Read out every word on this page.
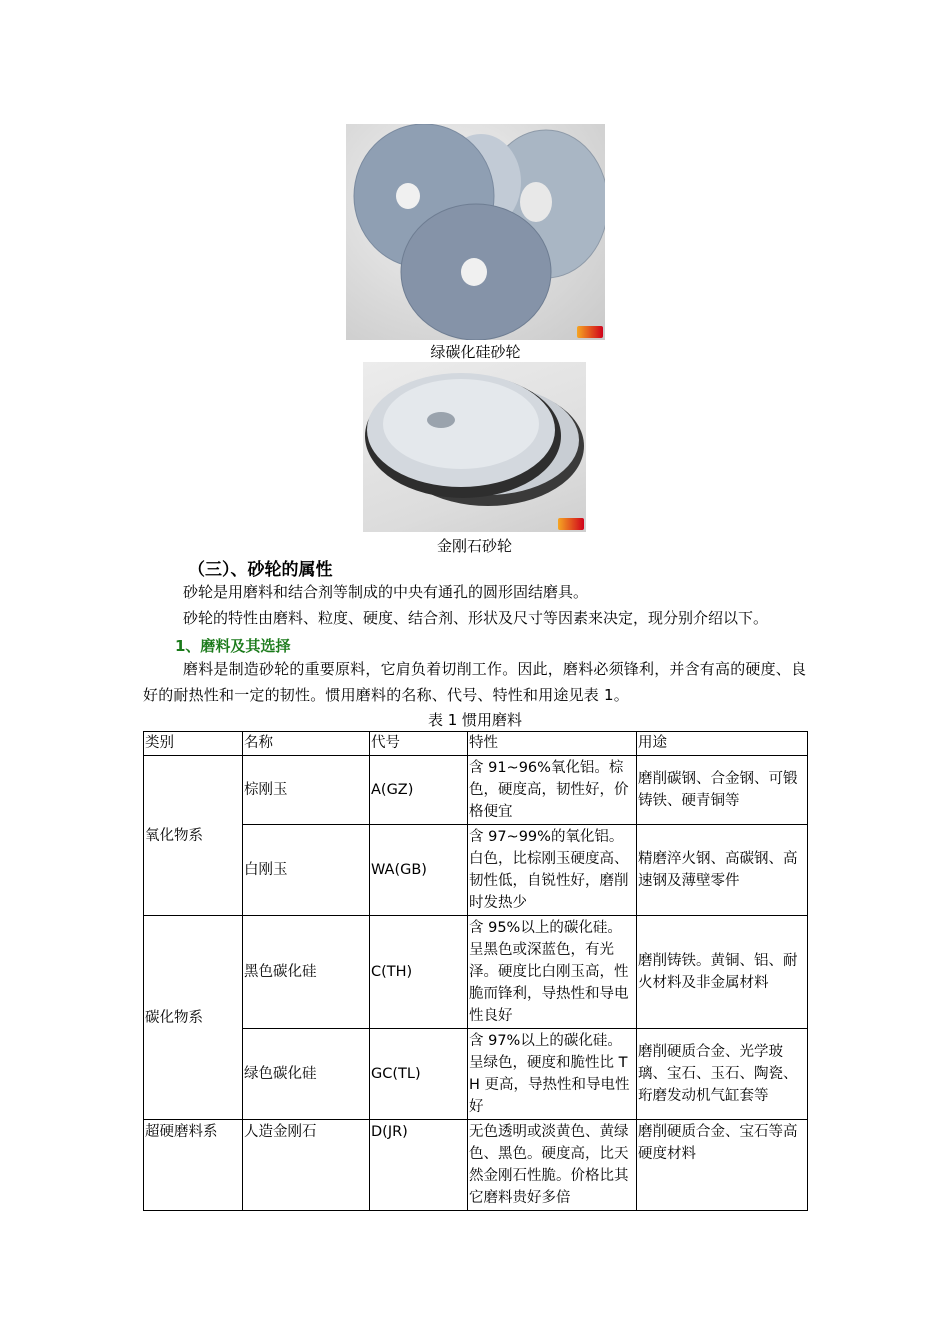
绿碳化硅砂轮
金刚石砂轮
（三）、砂轮的属性
砂轮是用磨料和结合剂等制成的中央有通孔的圆形固结磨具。
砂轮的特性由磨料、粒度、硬度、结合剂、形状及尺寸等因素来决定，现分别介绍以下。
1、磨料及其选择
磨料是制造砂轮的重要原料，它肩负着切削工作。因此，磨料必须锋利，并含有高的硬度、良好的耐热性和一定的韧性。惯用磨料的名称、代号、特性和用途见表 1。
表 1 惯用磨料
类别	名称	代号	特性	用途
氧化物系	棕刚玉	A(GZ)	含 91~96%氧化铝。棕色，硬度高，韧性好，价格便宜	磨削碳钢、合金钢、可锻铸铁、硬青铜等
	白刚玉	WA(GB)	含 97~99%的氧化铝。白色，比棕刚玉硬度高、韧性低，自锐性好，磨削时发热少	精磨淬火钢、高碳钢、高速钢及薄壁零件
碳化物系	黑色碳化硅	C(TH)	含 95%以上的碳化硅。呈黑色或深蓝色，有光泽。硬度比白刚玉高，性脆而锋利，导热性和导电性良好	磨削铸铁。黄铜、铝、耐火材料及非金属材料
	绿色碳化硅	GC(TL)	含 97%以上的碳化硅。呈绿色，硬度和脆性比 TH 更高，导热性和导电性好	磨削硬质合金、光学玻璃、宝石、玉石、陶瓷、珩磨发动机气缸套等
超硬磨料系	人造金刚石	D(JR)	无色透明或淡黄色、黄绿色、黑色。硬度高，比天然金刚石性脆。价格比其它磨料贵好多倍	磨削硬质合金、宝石等高硬度材料
